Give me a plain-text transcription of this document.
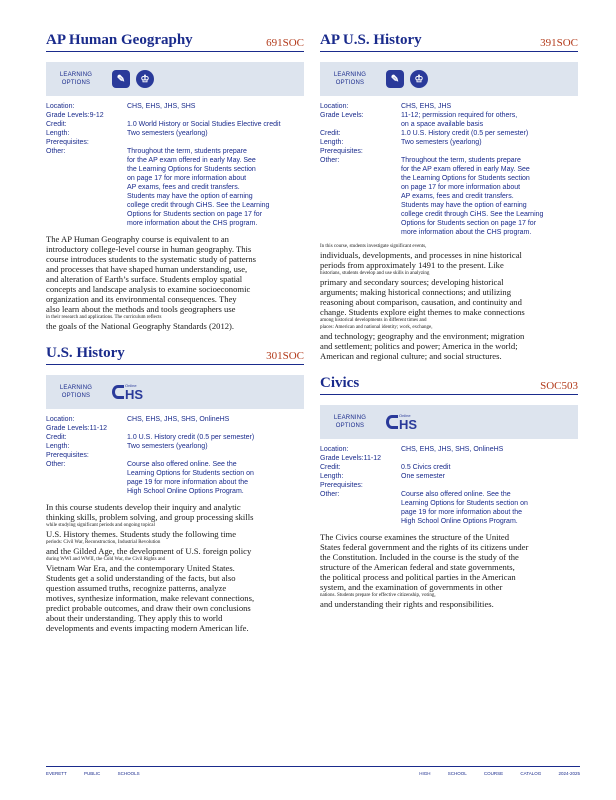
AP Human Geography	691SOC
LEARNING OPTIONS	✎	♔
Location:	CHS, EHS, JHS, SHS
Grade Levels:9-12
Credit:	1.0 World History or Social Studies Elective credit
Length:	Two semesters (yearlong)
Prerequisites:
Other:	Throughout the term, students prepare
for the AP exam offered in early May. See
the Learning Options for Students section
on page 17 for more information about
AP exams, fees and credit transfers.
Students may have the option of earning
college credit through CiHS. See the Learning
Options for Students section on page 17 for
more information about the CHS program.
The AP Human Geography course is equivalent to an
introductory college-level course in human geography. This
course introduces students to the systematic study of patterns
and processes that have shaped human understanding, use,
and alteration of Earth’s surface. Students employ spatial
concepts and landscape analysis to examine socioeconomic
organization and its environmental consequences. They
also learn about the methods and tools geographers use
in their research and applications. The curriculum reflects
the goals of the National Geography Standards (2012).
U.S. History	301SOC
LEARNING OPTIONS
Online
HS
Location:	CHS, EHS, JHS, SHS, OnlineHS
Grade Levels:11-12
Credit:	1.0 U.S. History credit (0.5 per semester)
Length:	Two semesters (yearlong)
Prerequisites:
Other:	Course also offered online. See the
Learning Options for Students section on
page 19 for more information about the
High School Online Options Program.
In this course students develop their inquiry and analytic
thinking skills, problem solving, and group processing skills
while studying significant periods and ongoing topical
U.S. History themes. Students study the following time
periods: Civil War, Reconstruction, Industrial Revolution
and the Gilded Age, the development of U.S. foreign policy
during WWI and WWII, the Cold War, the Civil Rights and
Vietnam War Era, and the contemporary United States.
Students get a solid understanding of the facts, but also
question assumed truths, recognize patterns, analyze
motives, synthesize information, make relevant connections,
predict probable outcomes, and draw their own conclusions
about their understanding. They apply this to world
developments and events impacting modern American life.
AP U.S. History	391SOC
LEARNING OPTIONS	✎	♔
Location:	CHS, EHS, JHS
Grade Levels:	11-12; permission required for others,
on a space available basis
Credit:	1.0 U.S. History credit (0.5 per semester)
Length:	Two semesters (yearlong)
Prerequisites:
Other:	Throughout the term, students prepare
for the AP exam offered in early May. See
the Learning Options for Students section
on page 17 for more information about
AP exams, fees and credit transfers.
Students may have the option of earning
college credit through CiHS. See the Learning
Options for Students section on page 17 for
more information about the CHS program.
In this course, students investigate significant events,
individuals, developments, and processes in nine historical
periods from approximately 1491 to the present. Like
historians, students develop and use skills in analyzing
primary and secondary sources; developing historical
arguments; making historical connections; and utilizing
reasoning about comparison, causation, and continuity and
change. Students explore eight themes to make connections
among historical developments in different times and
places: American and national identity; work, exchange,
and technology; geography and the environment; migration
and settlement; politics and power; America in the world;
American and regional culture; and social structures.
Civics	SOC503
LEARNING OPTIONS
Online
HS
Location:	CHS, EHS, JHS, SHS, OnlineHS
Grade Levels:11-12
Credit:	0.5 Civics credit
Length:	One semester
Prerequisites:
Other:	Course also offered online. See the
Learning Options for Students section on
page 19 for more information about the
High School Online Options Program.
The Civics course examines the structure of the United
States federal government and the rights of its citizens under
the Constitution. Included in the course is the study of the
structure of the American federal and state governments,
the political process and political parties in the American
system, and the examination of governments in other
nations. Students prepare for effective citizenship, voting,
and understanding their rights and responsibilities.
EVERETT	PUBLIC	SCHOOLS	HIGH	SCHOOL	COURSE	CATALOG	2024-2025
